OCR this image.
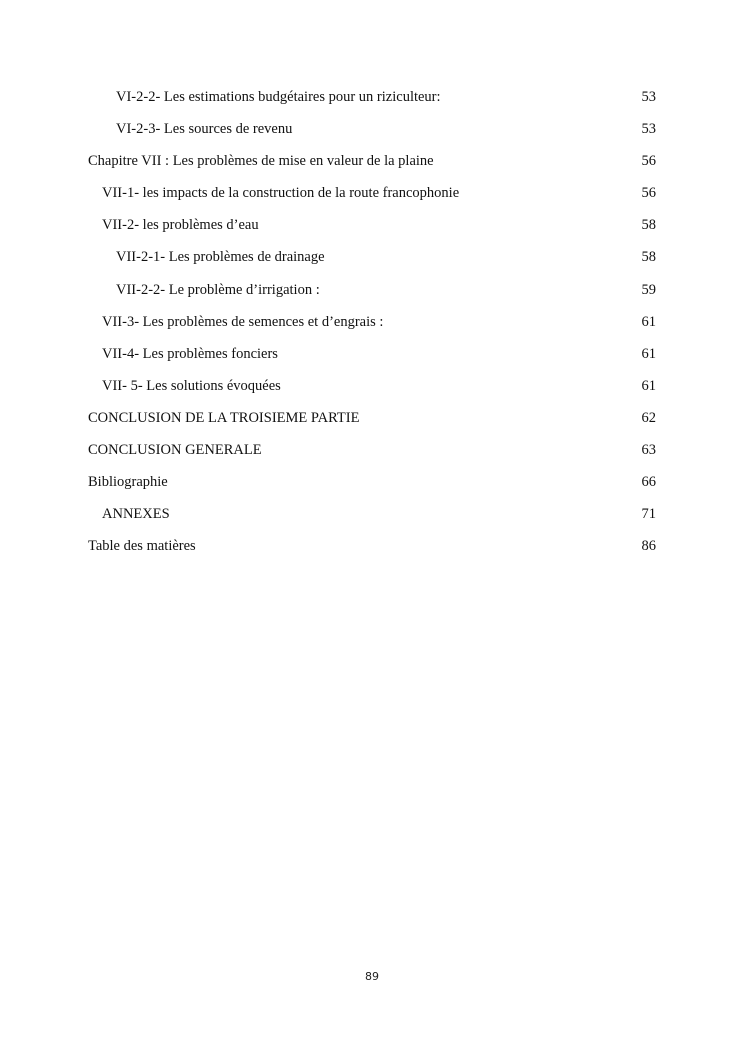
VI-2-2- Les estimations budgétaires pour un riziculteur:	53
VI-2-3- Les sources de revenu	53
Chapitre VII : Les problèmes de mise en valeur de la plaine	56
VII-1- les impacts de la construction de la route francophonie	56
VII-2- les problèmes d’eau	58
VII-2-1- Les problèmes de drainage	58
VII-2-2- Le problème d’irrigation :	59
VII-3- Les problèmes de semences et d’engrais :	61
VII-4- Les problèmes fonciers	61
VII- 5- Les solutions évoquées	61
CONCLUSION DE LA TROISIEME PARTIE	62
CONCLUSION GENERALE	63
Bibliographie	66
ANNEXES	71
Table des matières	86
89
